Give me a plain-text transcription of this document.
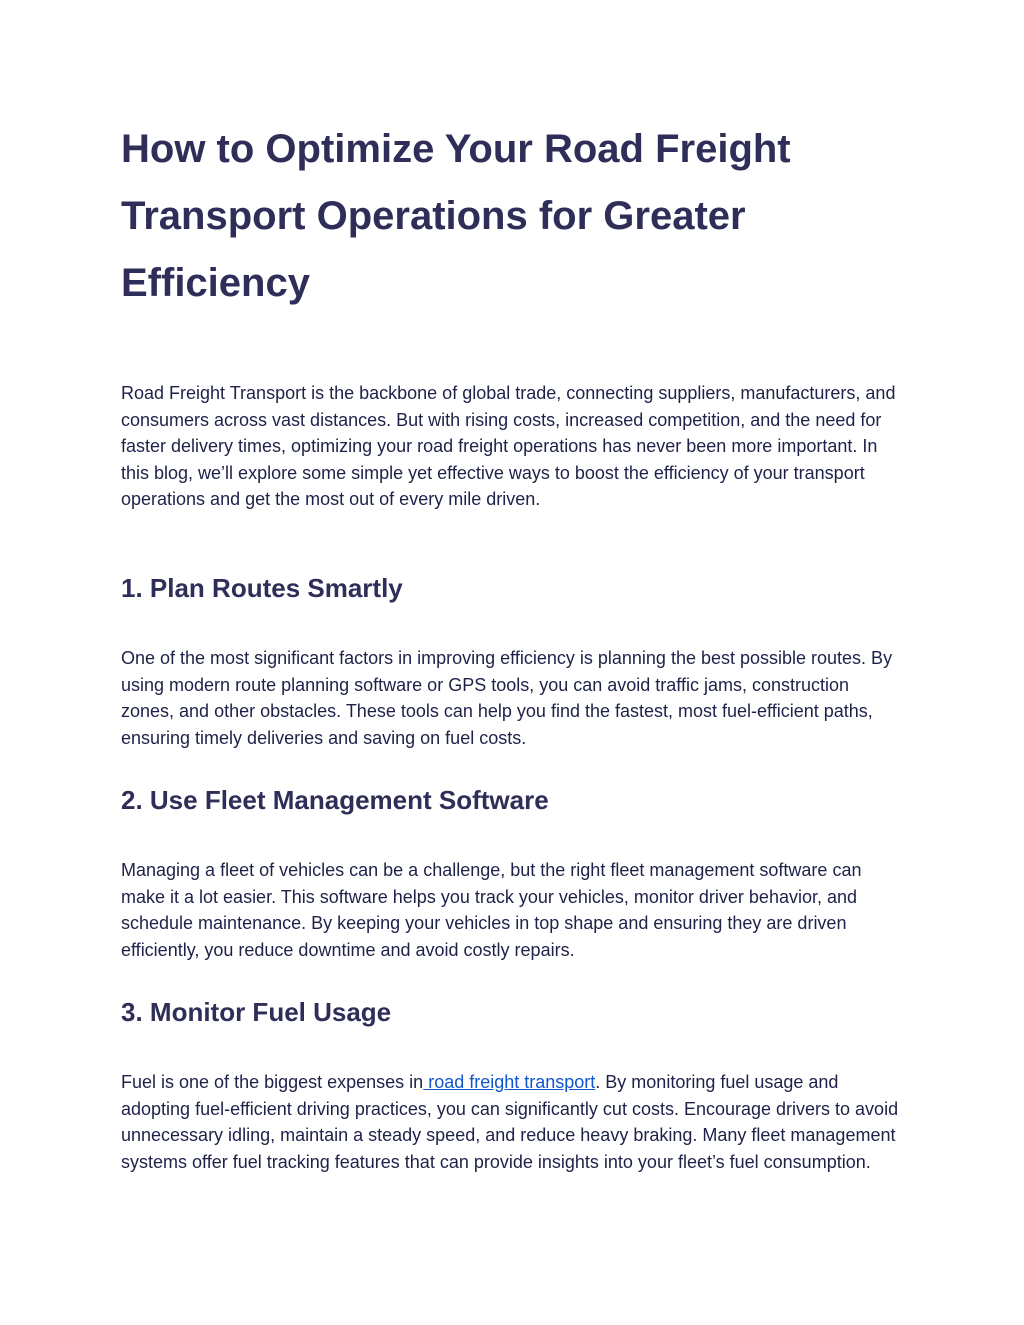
How to Optimize Your Road Freight Transport Operations for Greater Efficiency

Road Freight Transport is the backbone of global trade, connecting suppliers, manufacturers, and consumers across vast distances. But with rising costs, increased competition, and the need for faster delivery times, optimizing your road freight operations has never been more important. In this blog, we’ll explore some simple yet effective ways to boost the efficiency of your transport operations and get the most out of every mile driven.

1. Plan Routes Smartly

One of the most significant factors in improving efficiency is planning the best possible routes. By using modern route planning software or GPS tools, you can avoid traffic jams, construction zones, and other obstacles. These tools can help you find the fastest, most fuel-efficient paths, ensuring timely deliveries and saving on fuel costs.

2. Use Fleet Management Software

Managing a fleet of vehicles can be a challenge, but the right fleet management software can make it a lot easier. This software helps you track your vehicles, monitor driver behavior, and schedule maintenance. By keeping your vehicles in top shape and ensuring they are driven efficiently, you reduce downtime and avoid costly repairs.

3. Monitor Fuel Usage

Fuel is one of the biggest expenses in road freight transport. By monitoring fuel usage and adopting fuel-efficient driving practices, you can significantly cut costs. Encourage drivers to avoid unnecessary idling, maintain a steady speed, and reduce heavy braking. Many fleet management systems offer fuel tracking features that can provide insights into your fleet’s fuel consumption.
